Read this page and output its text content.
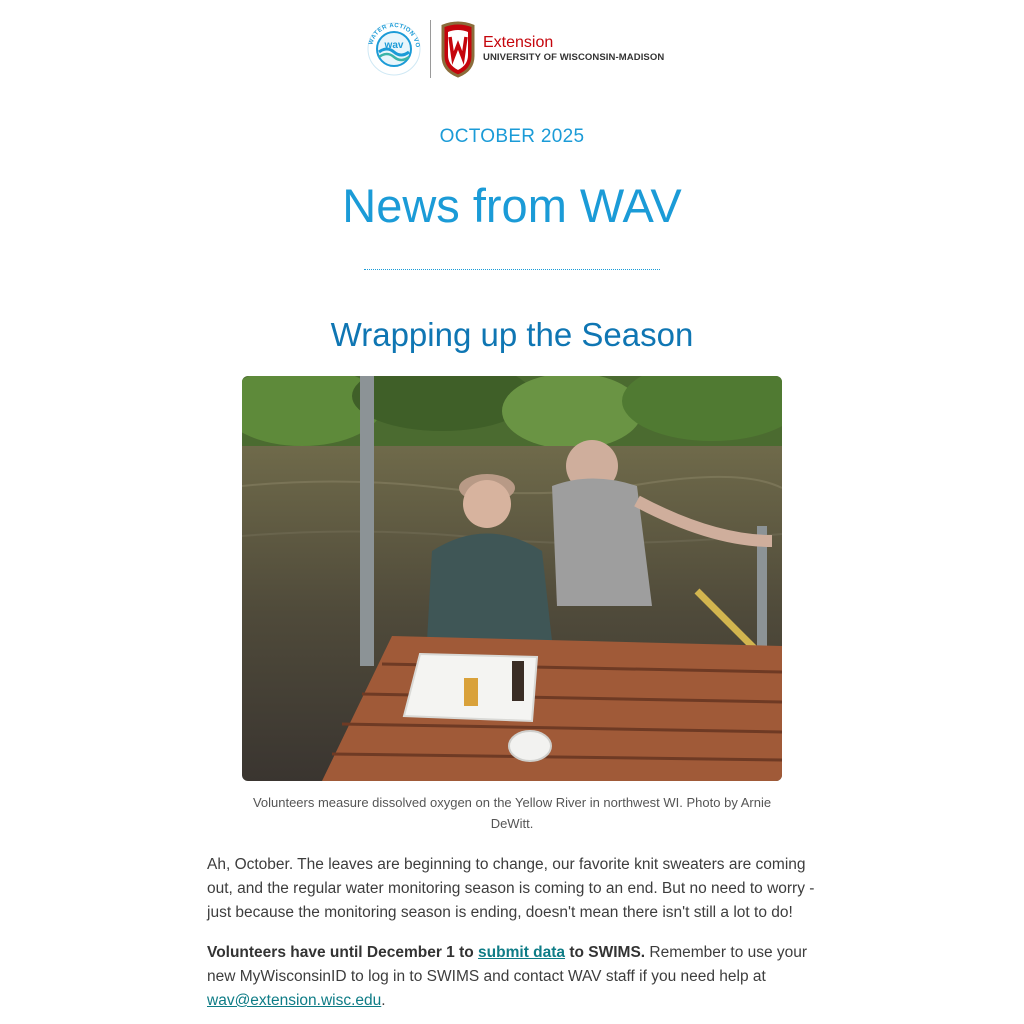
wav
WATER ACTION VO	Extension
UNIVERSITY OF WISCONSIN-MADISON
OCTOBER 2025
News from WAV
Wrapping up the Season
Volunteers measure dissolved oxygen on the Yellow River in northwest WI. Photo by Arnie DeWitt.

Ah, October. The leaves are beginning to change, our favorite knit sweaters are coming out, and the regular water monitoring season is coming to an end. But no need to worry - just because the monitoring season is ending, doesn't mean there isn't still a lot to do!

Volunteers have until December 1 to submit data to SWIMS. Remember to use your new MyWisconsinID to log in to SWIMS and contact WAV staff if you need help at wav@extension.wisc.edu.
